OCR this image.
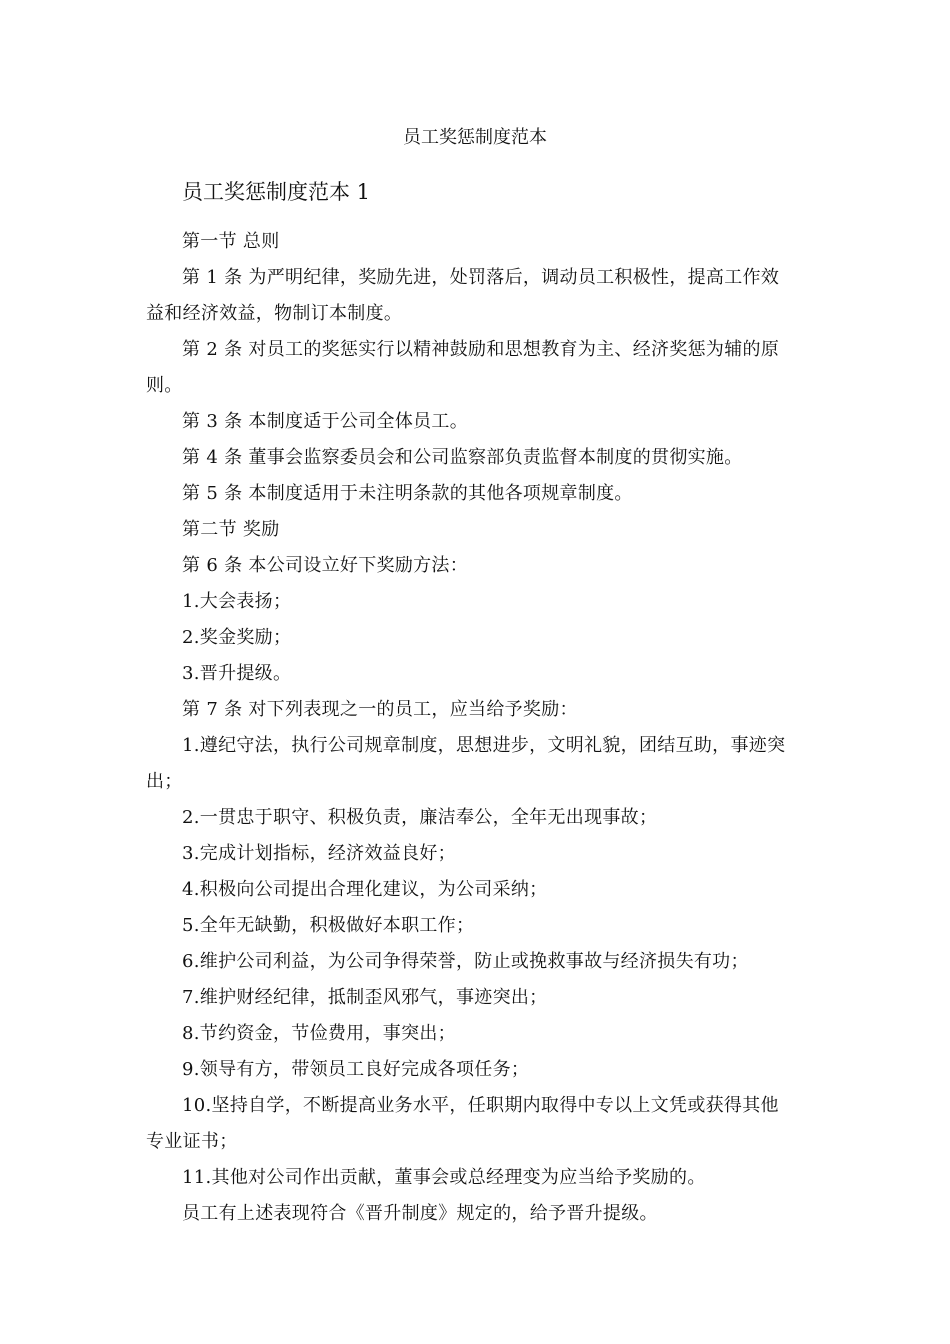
员工奖惩制度范本
员工奖惩制度范本 1

第一节 总则

第 1 条 为严明纪律，奖励先进，处罚落后，调动员工积极性，提高工作效益和经济效益，物制订本制度。

第 2 条 对员工的奖惩实行以精神鼓励和思想教育为主、经济奖惩为辅的原则。

第 3 条 本制度适于公司全体员工。

第 4 条 董事会监察委员会和公司监察部负责监督本制度的贯彻实施。

第 5 条 本制度适用于未注明条款的其他各项规章制度。

第二节 奖励

第 6 条 本公司设立好下奖励方法：

1.大会表扬；

2.奖金奖励；

3.晋升提级。

第 7 条 对下列表现之一的员工，应当给予奖励：

1.遵纪守法，执行公司规章制度，思想进步，文明礼貌，团结互助，事迹突出；

2.一贯忠于职守、积极负责，廉洁奉公，全年无出现事故；

3.完成计划指标，经济效益良好；

4.积极向公司提出合理化建议，为公司采纳；

5.全年无缺勤，积极做好本职工作；

6.维护公司利益，为公司争得荣誉，防止或挽救事故与经济损失有功；

7.维护财经纪律，抵制歪风邪气，事迹突出；

8.节约资金，节俭费用，事突出；

9.领导有方，带领员工良好完成各项任务；

10.坚持自学，不断提高业务水平，任职期内取得中专以上文凭或获得其他专业证书；

11.其他对公司作出贡献，董事会或总经理变为应当给予奖励的。

员工有上述表现符合《晋升制度》规定的，给予晋升提级。
